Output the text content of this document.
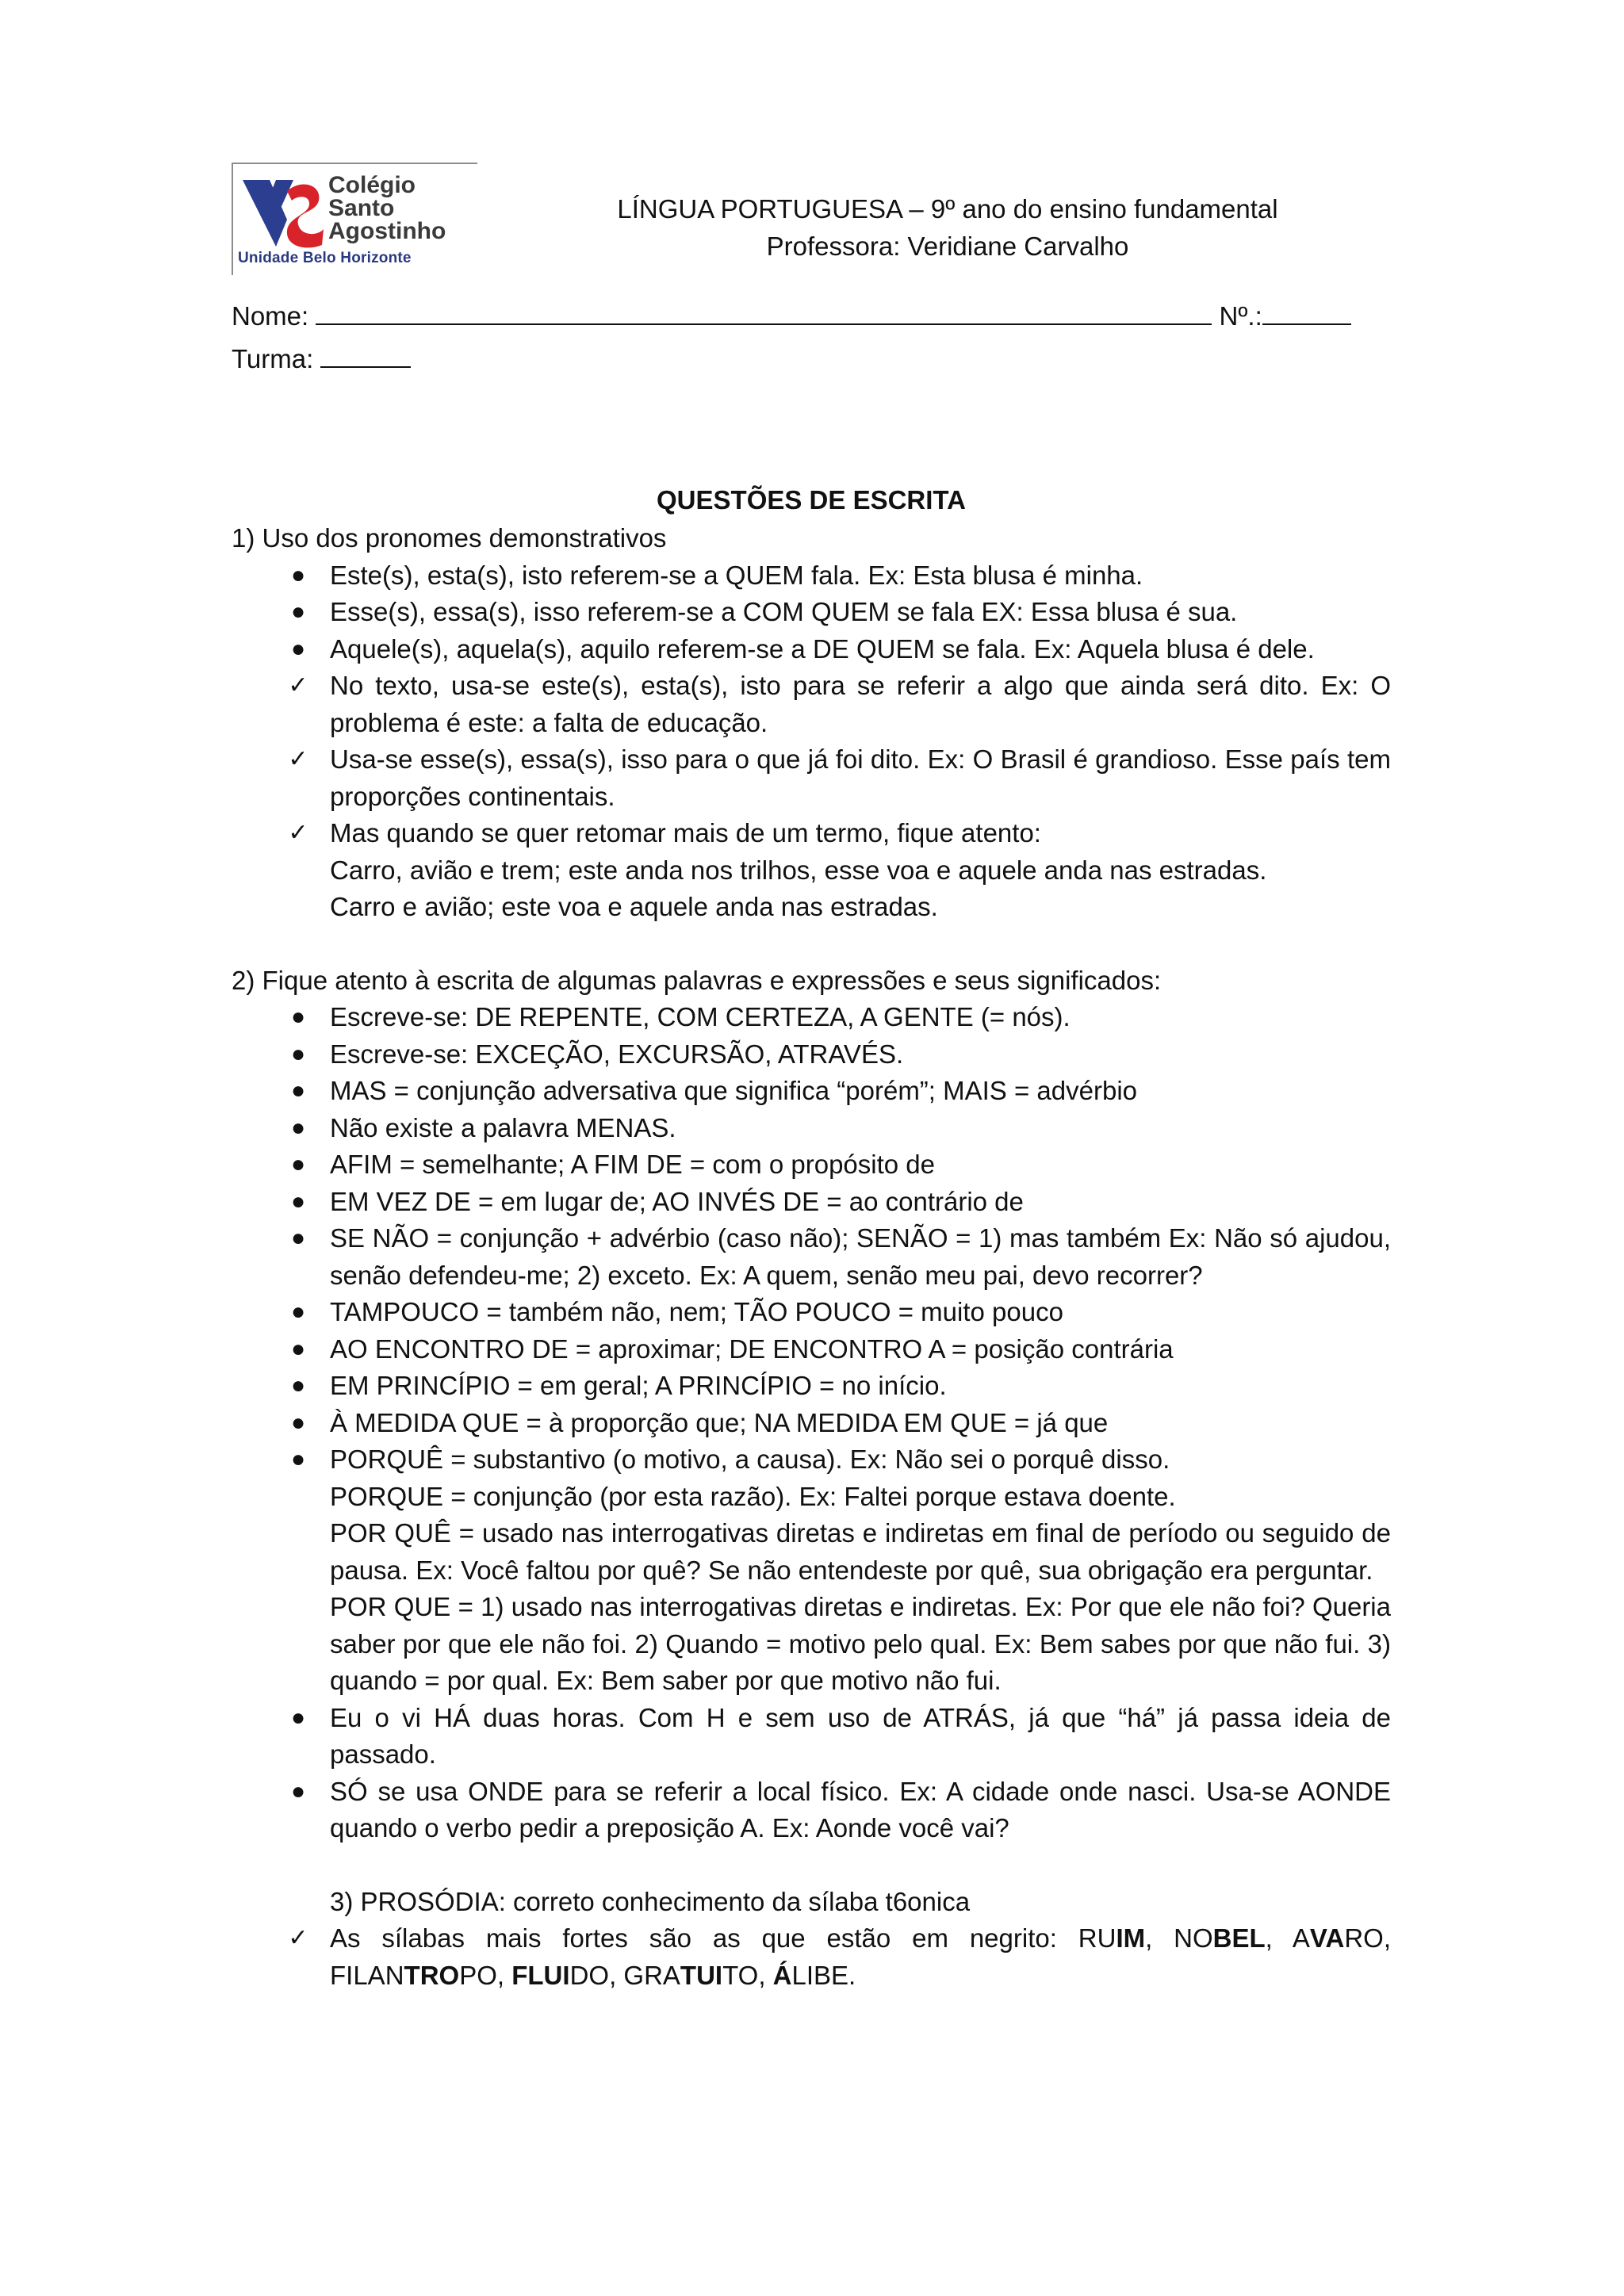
Colégio
Santo
Agostinho
Unidade Belo Horizonte
LÍNGUA PORTUGUESA – 9º ano do ensino fundamental
Professora: Veridiane Carvalho
Nome:	Nº.:
Turma:
QUESTÕES DE ESCRITA

1) Uso dos pronomes demonstrativos

● Este(s), esta(s), isto referem-se a QUEM fala. Ex: Esta blusa é minha.
● Esse(s), essa(s), isso referem-se a COM QUEM se fala EX: Essa blusa é sua.
● Aquele(s), aquela(s), aquilo referem-se a DE QUEM se fala. Ex: Aquela blusa é dele.
✓ No texto, usa-se este(s), esta(s), isto para se referir a algo que ainda será dito. Ex: O problema é este: a falta de educação.
✓ Usa-se esse(s), essa(s), isso para o que já foi dito. Ex: O Brasil é grandioso. Esse país tem proporções continentais.
✓ Mas quando se quer retomar mais de um termo, fique atento:
Carro, avião e trem; este anda nos trilhos, esse voa e aquele anda nas estradas.
Carro e avião; este voa e aquele anda nas estradas.

2) Fique atento à escrita de algumas palavras e expressões e seus significados:

● Escreve-se: DE REPENTE, COM CERTEZA, A GENTE (= nós).
● Escreve-se: EXCEÇÃO, EXCURSÃO, ATRAVÉS.
● MAS = conjunção adversativa que significa “porém”; MAIS = advérbio
● Não existe a palavra MENAS.
● AFIM = semelhante; A FIM DE = com o propósito de
● EM VEZ DE = em lugar de; AO INVÉS DE = ao contrário de
● SE NÃO = conjunção + advérbio (caso não); SENÃO = 1) mas também Ex: Não só ajudou, senão defendeu-me; 2) exceto. Ex: A quem, senão meu pai, devo recorrer?
● TAMPOUCO = também não, nem; TÃO POUCO = muito pouco
● AO ENCONTRO DE = aproximar; DE ENCONTRO A = posição contrária
● EM PRINCÍPIO = em geral; A PRINCÍPIO = no início.
● À MEDIDA QUE = à proporção que; NA MEDIDA EM QUE = já que
● PORQUÊ = substantivo (o motivo, a causa). Ex: Não sei o porquê disso.
PORQUE = conjunção (por esta razão). Ex: Faltei porque estava doente.
POR QUÊ = usado nas interrogativas diretas e indiretas em final de período ou seguido de pausa. Ex: Você faltou por quê? Se não entendeste por quê, sua obrigação era perguntar.
POR QUE = 1) usado nas interrogativas diretas e indiretas. Ex: Por que ele não foi? Queria saber por que ele não foi. 2) Quando = motivo pelo qual. Ex: Bem sabes por que não fui. 3) quando = por qual. Ex: Bem saber por que motivo não fui.
● Eu o vi HÁ duas horas. Com H e sem uso de ATRÁS, já que “há” já passa ideia de passado.
● SÓ se usa ONDE para se referir a local físico. Ex: A cidade onde nasci. Usa-se AONDE quando o verbo pedir a preposição A. Ex: Aonde você vai?
3) PROSÓDIA: correto conhecimento da sílaba t6onica
✓ As sílabas mais fortes são as que estão em negrito: RUIM, NOBEL, AVARO, FILANTROPO, FLUIDO, GRATUITO, ÁLIBE.
